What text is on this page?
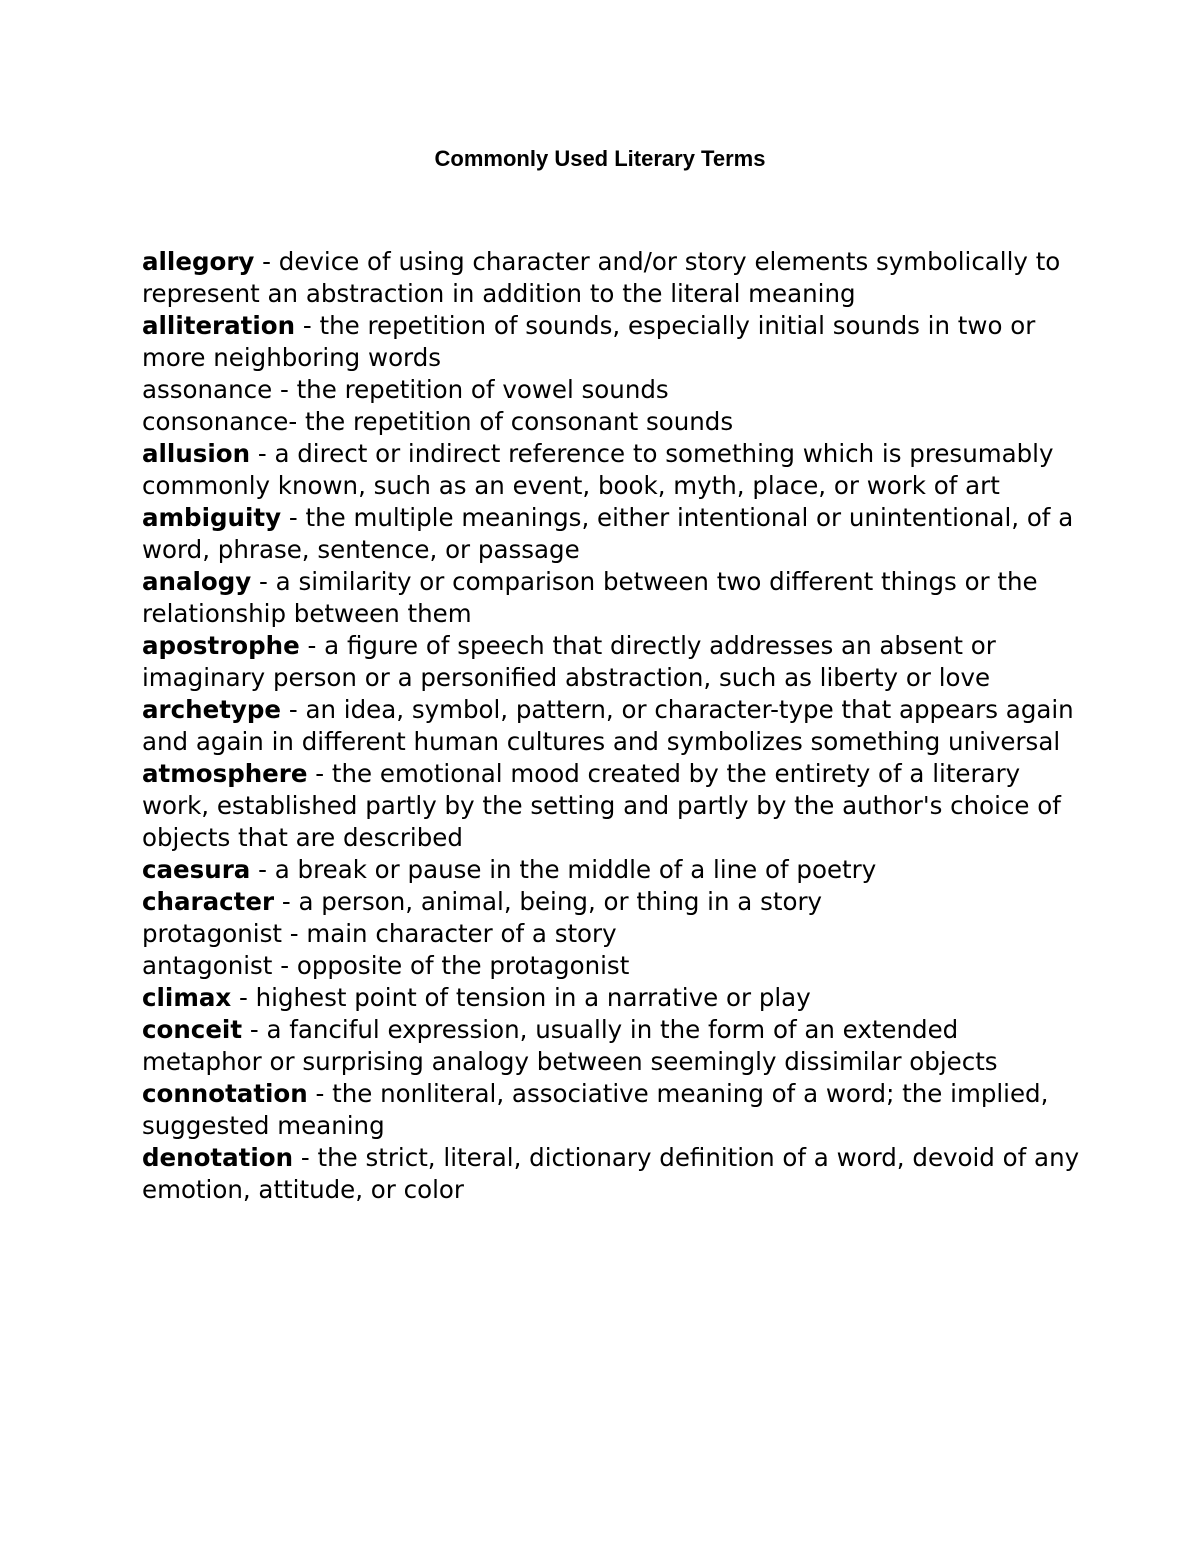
Commonly Used Literary Terms

allegory - device of using character and/or story elements symbolically to represent an abstraction in addition to the literal meaning

alliteration - the repetition of sounds, especially initial sounds in two or more neighboring words

assonance - the repetition of vowel sounds

consonance- the repetition of consonant sounds

allusion - a direct or indirect reference to something which is presumably commonly known, such as an event, book, myth, place, or work of art

ambiguity - the multiple meanings, either intentional or unintentional, of a word, phrase, sentence, or passage

analogy - a similarity or comparison between two different things or the relationship between them

apostrophe - a figure of speech that directly addresses an absent or imaginary person or a personified abstraction, such as liberty or love

archetype - an idea, symbol, pattern, or character-type that appears again and again in different human cultures and symbolizes something universal

atmosphere - the emotional mood created by the entirety of a literary work, established partly by the setting and partly by the author's choice of objects that are described

caesura - a break or pause in the middle of a line of poetry

character - a person, animal, being, or thing in a story

protagonist - main character of a story

antagonist - opposite of the protagonist

climax - highest point of tension in a narrative or play

conceit - a fanciful expression, usually in the form of an extended metaphor or surprising analogy between seemingly dissimilar objects

connotation - the nonliteral, associative meaning of a word; the implied, suggested meaning

denotation - the strict, literal, dictionary definition of a word, devoid of any emotion, attitude, or color
